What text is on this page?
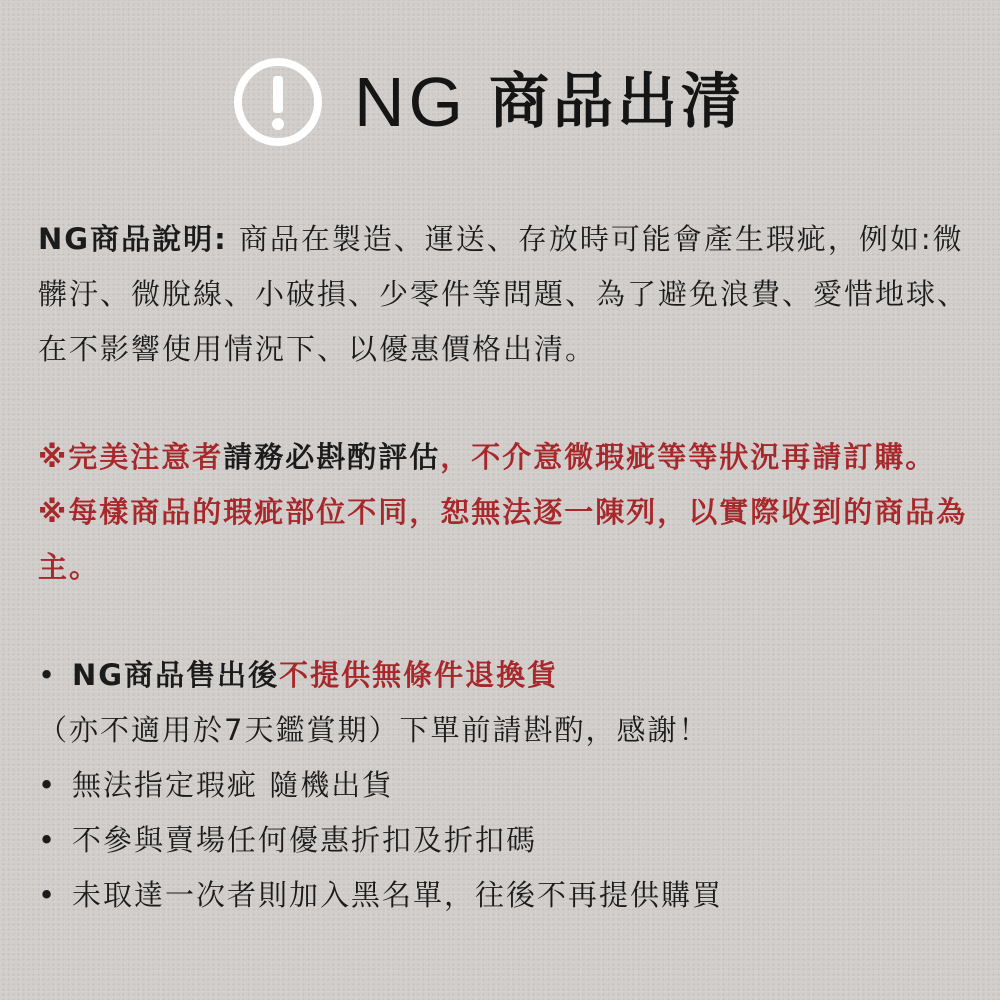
NG 商品出清

NG商品說明: 商品在製造、運送、存放時可能會產生瑕疵，例如:微髒汙、微脫線、小破損、少零件等問題、為了避免浪費、愛惜地球、在不影響使用情況下、以優惠價格出清。

※完美注意者請務必斟酌評估，不介意微瑕疵等等狀況再請訂購。

※每樣商品的瑕疵部位不同，恕無法逐一陳列，以實際收到的商品為主。

• NG商品售出後不提供無條件退換貨

（亦不適用於7天鑑賞期）下單前請斟酌，感謝！

• 無法指定瑕疵 隨機出貨
• 不參與賣場任何優惠折扣及折扣碼
• 未取達一次者則加入黑名單，往後不再提供購買
